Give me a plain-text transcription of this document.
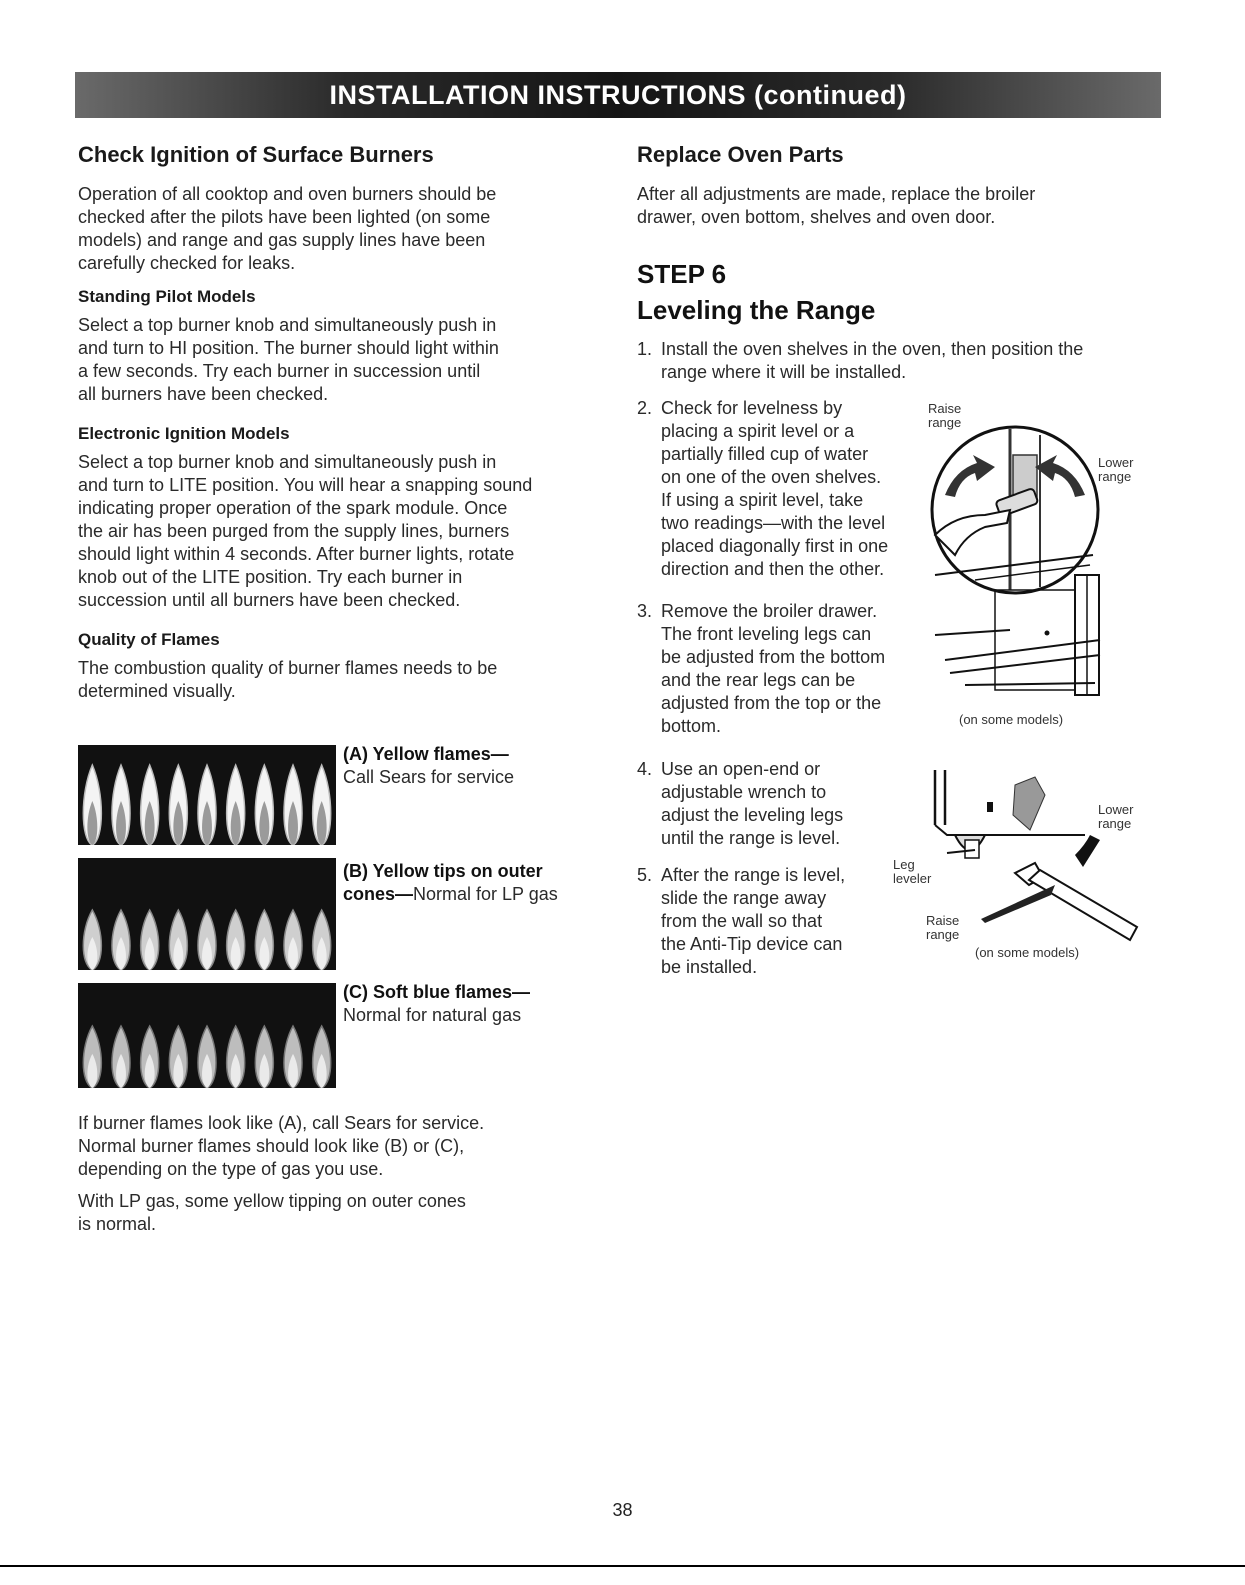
INSTALLATION INSTRUCTIONS (continued)
Check Ignition of Surface Burners

Operation of all cooktop and oven burners should be

checked after the pilots have been lighted (on some

models) and range and gas supply lines have been

carefully checked for leaks.

Standing Pilot Models

Select a top burner knob and simultaneously push in

and turn to HI position. The burner should light within

a few seconds. Try each burner in succession until

all burners have been checked.

Electronic Ignition Models

Select a top burner knob and simultaneously push in

and turn to LITE position. You will hear a snapping sound

indicating proper operation of the spark module. Once

the air has been purged from the supply lines, burners

should light within 4 seconds. After burner lights, rotate

knob out of the LITE position. Try each burner in

succession until all burners have been checked.

Quality of Flames

The combustion quality of burner flames needs to be

determined visually.

(A) Yellow flames—
Call Sears for service
(B) Yellow tips on outer
cones—Normal for LP gas
(C) Soft blue flames—
Normal for natural gas

If burner flames look like (A), call Sears for service.

Normal burner flames should look like (B) or (C),

depending on the type of gas you use.

With LP gas, some yellow tipping on outer cones

is normal.

Replace Oven Parts

After all adjustments are made, replace the broiler

drawer, oven bottom, shelves and oven door.

STEP 6

Leveling the Range

1. Install the oven shelves in the oven, then position the
range where it will be installed.
2. Check for levelness by
placing a spirit level or a
partially filled cup of water
on one of the oven shelves.
If using a spirit level, take
two readings—with the level
placed diagonally first in one
direction and then the other.
3. Remove the broiler drawer.
The front leveling legs can
be adjusted from the bottom
and the rear legs can be
adjusted from the top or the
bottom.
4. Use an open-end or
adjustable wrench to
adjust the leveling legs
until the range is level.
5. After the range is level,
slide the range away
from the wall so that
the Anti-Tip device can
be installed.
Raise
range
Lower
range
(on some models)
Lower
range
Leg
leveler
Raise
range
(on some models)
38
